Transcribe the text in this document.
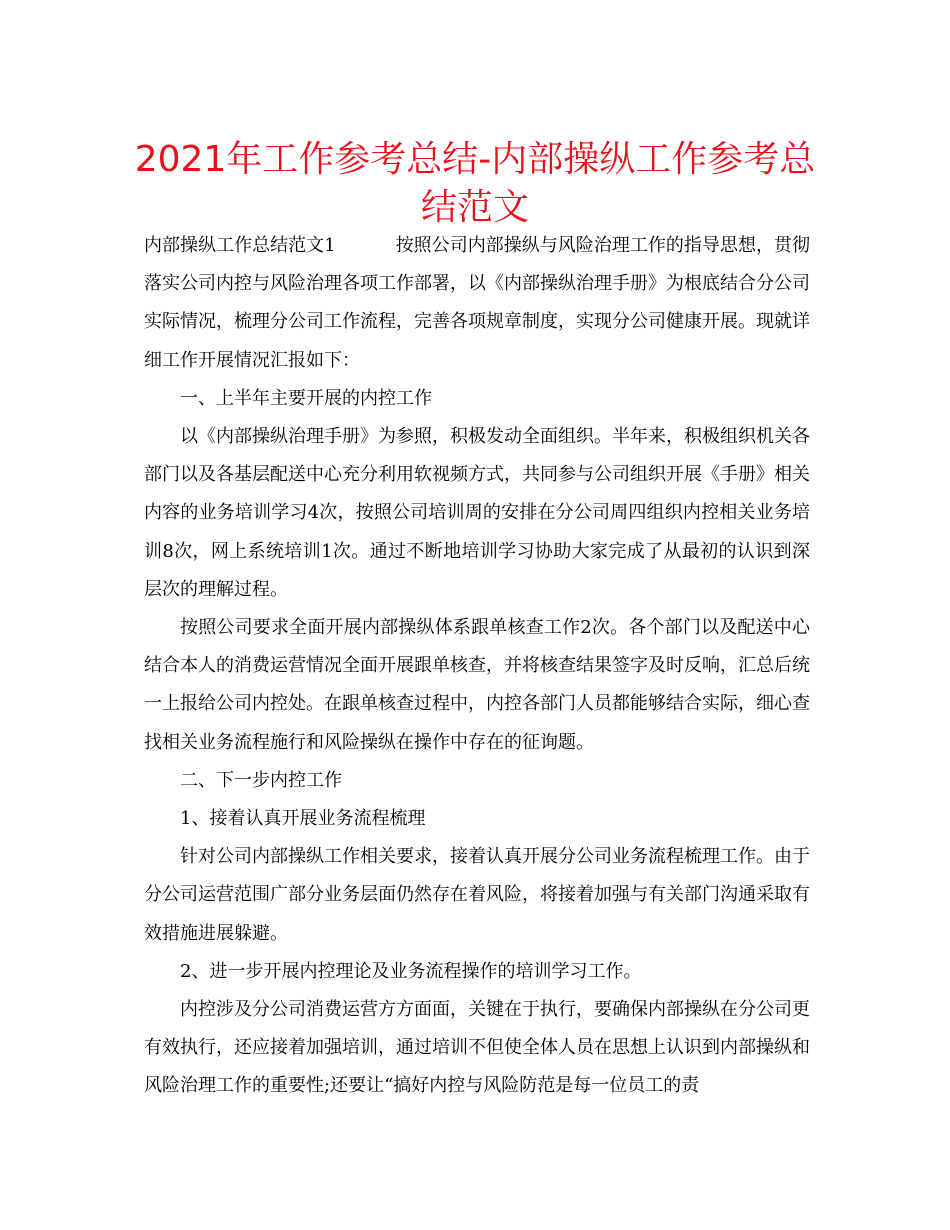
2021年工作参考总结-内部操纵工作参考总结范文

内部操纵工作总结范文1	按照公司内部操纵与风险治理工作的指导思想，贯彻落实公司内控与风险治理各项工作部署，以《内部操纵治理手册》为根底结合分公司实际情况，梳理分公司工作流程，完善各项规章制度，实现分公司健康开展。现就详细工作开展情况汇报如下：

一、上半年主要开展的内控工作

以《内部操纵治理手册》为参照，积极发动全面组织。半年来，积极组织机关各部门以及各基层配送中心充分利用软视频方式，共同参与公司组织开展《手册》相关内容的业务培训学习4次，按照公司培训周的安排在分公司周四组织内控相关业务培训8次，网上系统培训1次。通过不断地培训学习协助大家完成了从最初的认识到深层次的理解过程。

按照公司要求全面开展内部操纵体系跟单核查工作2次。各个部门以及配送中心结合本人的消费运营情况全面开展跟单核查，并将核查结果签字及时反响，汇总后统一上报给公司内控处。在跟单核查过程中，内控各部门人员都能够结合实际，细心查找相关业务流程施行和风险操纵在操作中存在的征询题。

二、下一步内控工作

1、接着认真开展业务流程梳理

针对公司内部操纵工作相关要求，接着认真开展分公司业务流程梳理工作。由于分公司运营范围广部分业务层面仍然存在着风险，将接着加强与有关部门沟通采取有效措施进展躲避。

2、进一步开展内控理论及业务流程操作的培训学习工作。

内控涉及分公司消费运营方方面面，关键在于执行，要确保内部操纵在分公司更有效执行，还应接着加强培训，通过培训不但使全体人员在思想上认识到内部操纵和风险治理工作的重要性;还要让“搞好内控与风险防范是每一位员工的责
